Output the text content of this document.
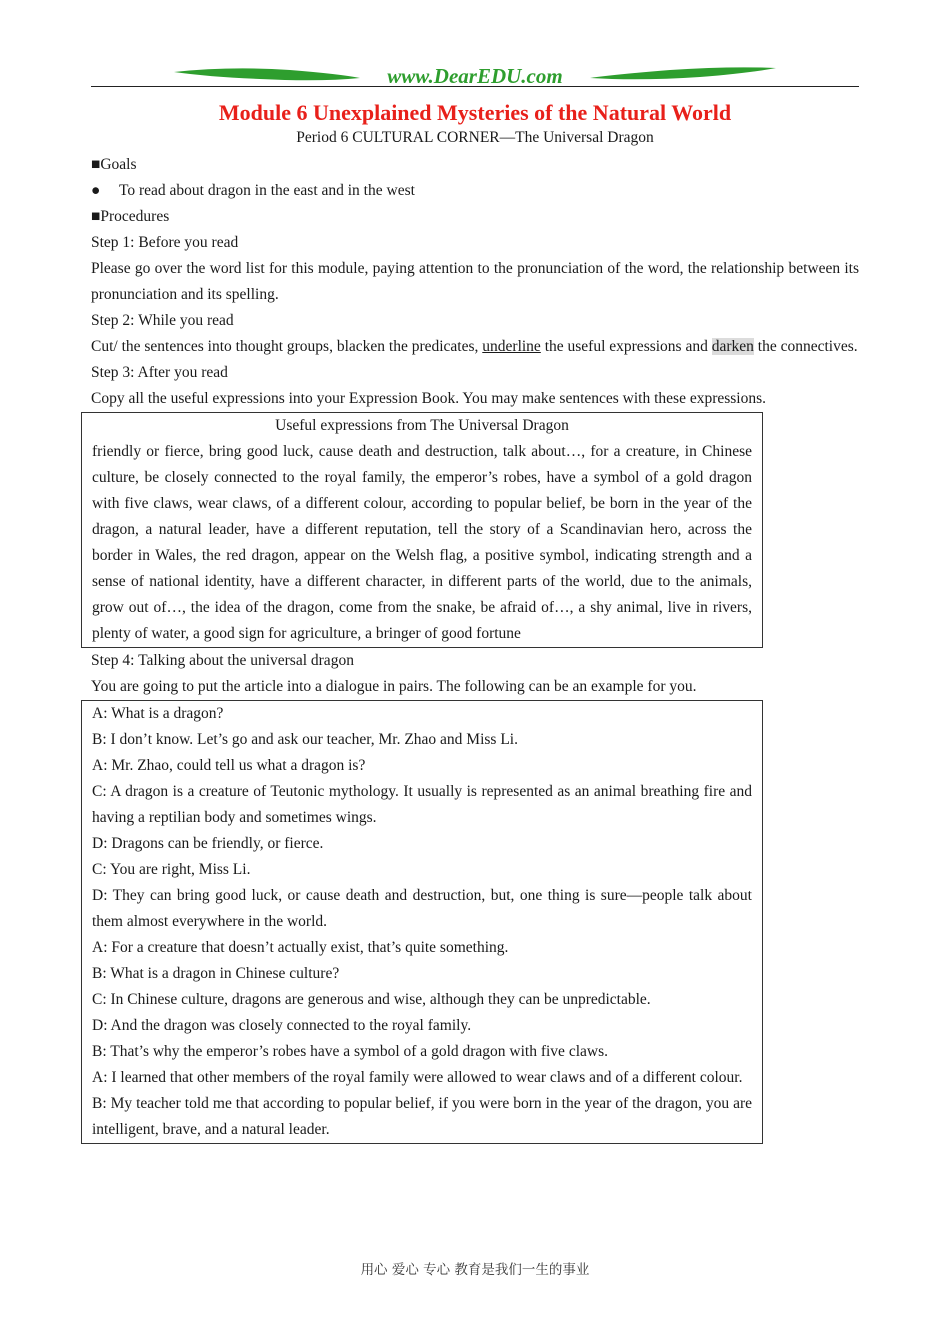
www.DearEDU.com
Module 6 Unexplained Mysteries of the Natural World
Period 6 CULTURAL CORNER—The Universal Dragon

■Goals

● To read about dragon in the east and in the west

■Procedures

Step 1: Before you read

Please go over the word list for this module, paying attention to the pronunciation of the word, the relationship between its pronunciation and its spelling.

Step 2: While you read

Cut/ the sentences into thought groups, blacken the predicates, underline the useful expressions and darken the connectives.

Step 3: After you read

Copy all the useful expressions into your Expression Book. You may make sentences with these expressions.

Useful expressions from The Universal Dragon

friendly or fierce, bring good luck, cause death and destruction, talk about…, for a creature, in Chinese culture, be closely connected to the royal family, the emperor’s robes, have a symbol of a gold dragon with five claws, wear claws, of a different colour, according to popular belief, be born in the year of the dragon, a natural leader, have a different reputation, tell the story of a Scandinavian hero, across the border in Wales, the red dragon, appear on the Welsh flag, a positive symbol, indicating strength and a sense of national identity, have a different character, in different parts of the world, due to the animals, grow out of…, the idea of the dragon, come from the snake, be afraid of…, a shy animal, live in rivers, plenty of water, a good sign for agriculture, a bringer of good fortune

Step 4: Talking about the universal dragon

You are going to put the article into a dialogue in pairs. The following can be an example for you.

A: What is a dragon?

B: I don’t know. Let’s go and ask our teacher, Mr. Zhao and Miss Li.

A: Mr. Zhao, could tell us what a dragon is?

C: A dragon is a creature of Teutonic mythology. It usually is represented as an animal breathing fire and having a reptilian body and sometimes wings.

D: Dragons can be friendly, or fierce.

C: You are right, Miss Li.

D: They can bring good luck, or cause death and destruction, but, one thing is sure—people talk about them almost everywhere in the world.

A: For a creature that doesn’t actually exist, that’s quite something.

B: What is a dragon in Chinese culture?

C: In Chinese culture, dragons are generous and wise, although they can be unpredictable.

D: And the dragon was closely connected to the royal family.

B: That’s why the emperor’s robes have a symbol of a gold dragon with five claws.

A: I learned that other members of the royal family were allowed to wear claws and of a different colour.

B: My teacher told me that according to popular belief, if you were born in the year of the dragon, you are intelligent, brave, and a natural leader.

用心 爱心 专心 教育是我们一生的事业
